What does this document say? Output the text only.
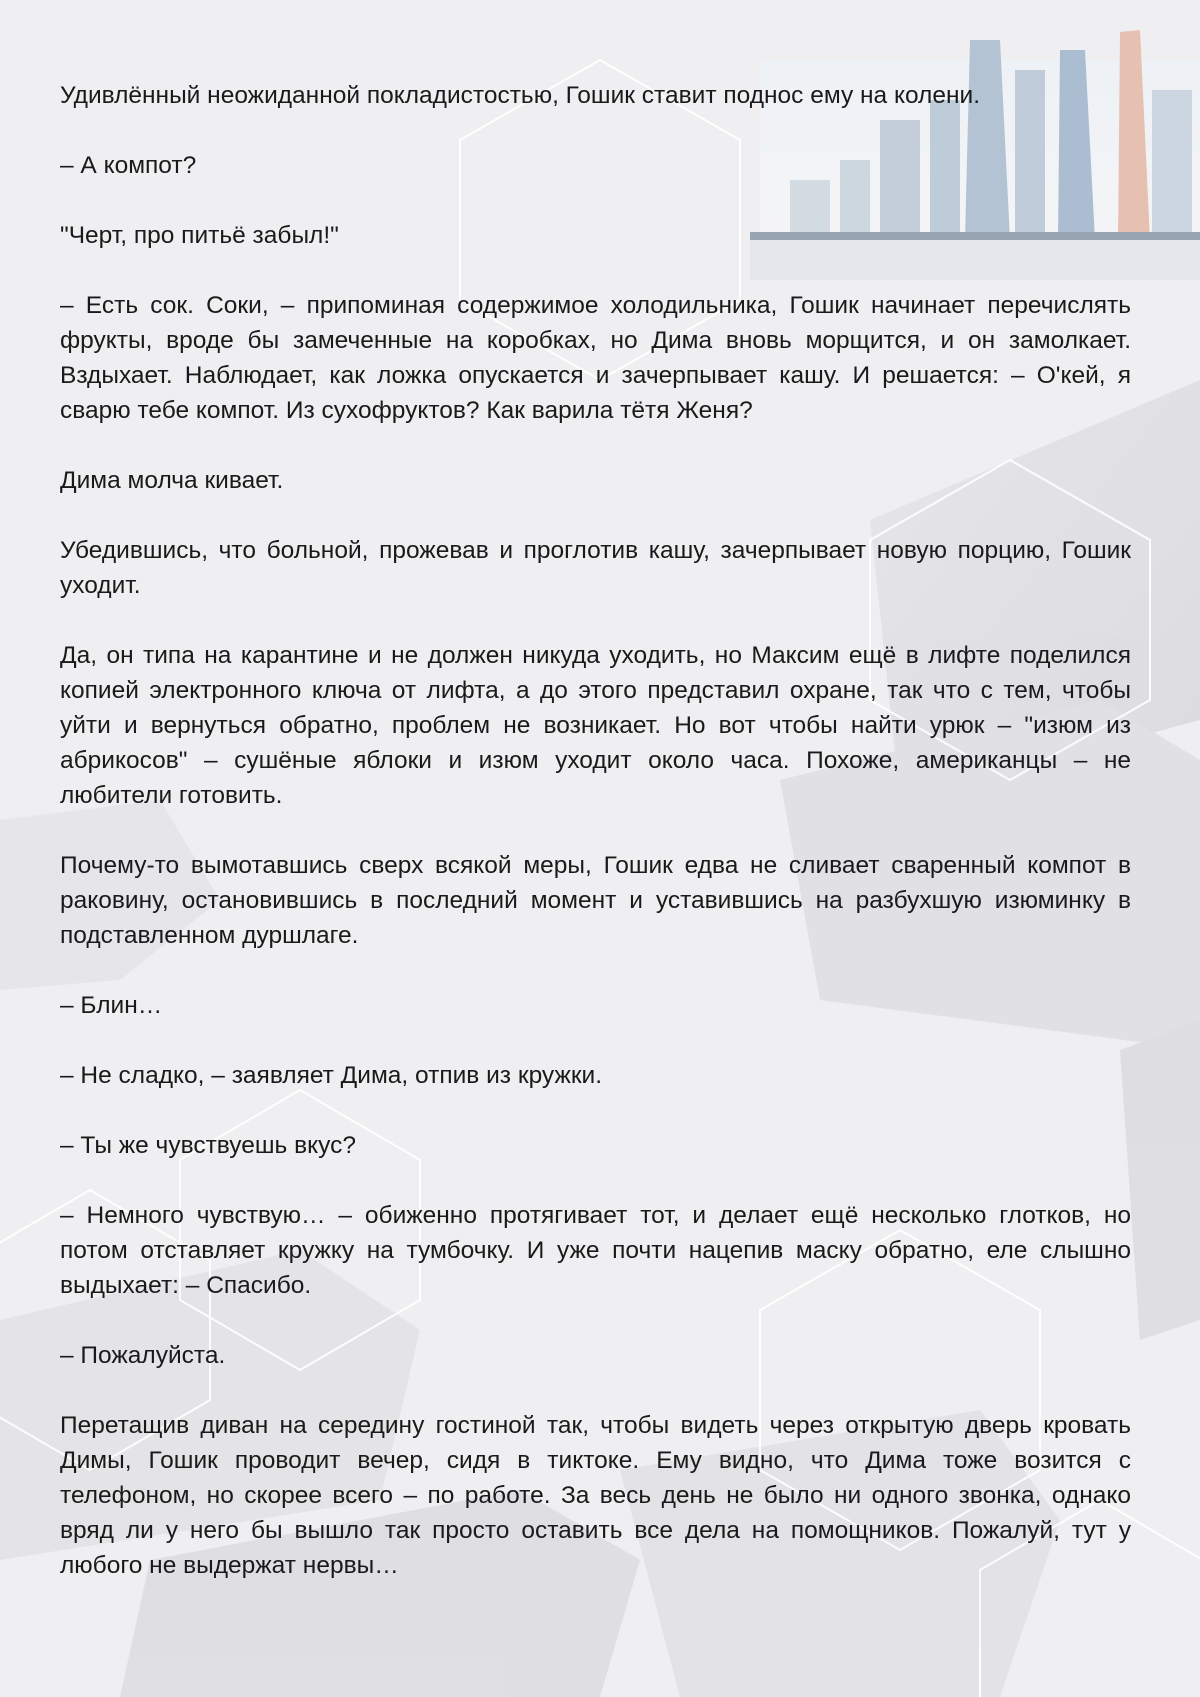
Удивлённый неожиданной покладистостью, Гошик ставит поднос ему на колени.

– А компот?

"Черт, про питьё забыл!"

– Есть сок. Соки, – припоминая содержимое холодильника, Гошик начинает перечислять фрукты, вроде бы замеченные на коробках, но Дима вновь морщится, и он замолкает. Вздыхает. Наблюдает, как ложка опускается и зачерпывает кашу. И решается: – О'кей, я сварю тебе компот. Из сухофруктов? Как варила тётя Женя?

Дима молча кивает.

Убедившись, что больной, прожевав и проглотив кашу, зачерпывает новую порцию, Гошик уходит.

Да, он типа на карантине и не должен никуда уходить, но Максим ещё в лифте поделился копией электронного ключа от лифта, а до этого представил охране, так что с тем, чтобы уйти и вернуться обратно, проблем не возникает. Но вот чтобы найти урюк – "изюм из абрикосов" – сушёные яблоки и изюм уходит около часа. Похоже, американцы – не любители готовить.

Почему-то вымотавшись сверх всякой меры, Гошик едва не сливает сваренный компот в раковину, остановившись в последний момент и уставившись на разбухшую изюминку в подставленном дуршлаге.

– Блин…

– Не сладко, – заявляет Дима, отпив из кружки.

– Ты же чувствуешь вкус?

– Немного чувствую… – обиженно протягивает тот, и делает ещё несколько глотков, но потом отставляет кружку на тумбочку. И уже почти нацепив маску обратно, еле слышно выдыхает: – Спасибо.

– Пожалуйста.

Перетащив диван на середину гостиной так, чтобы видеть через открытую дверь кровать Димы, Гошик проводит вечер, сидя в тиктоке. Ему видно, что Дима тоже возится с телефоном, но скорее всего – по работе. За весь день не было ни одного звонка, однако вряд ли у него бы вышло так просто оставить все дела на помощников. Пожалуй, тут у любого не выдержат нервы…
